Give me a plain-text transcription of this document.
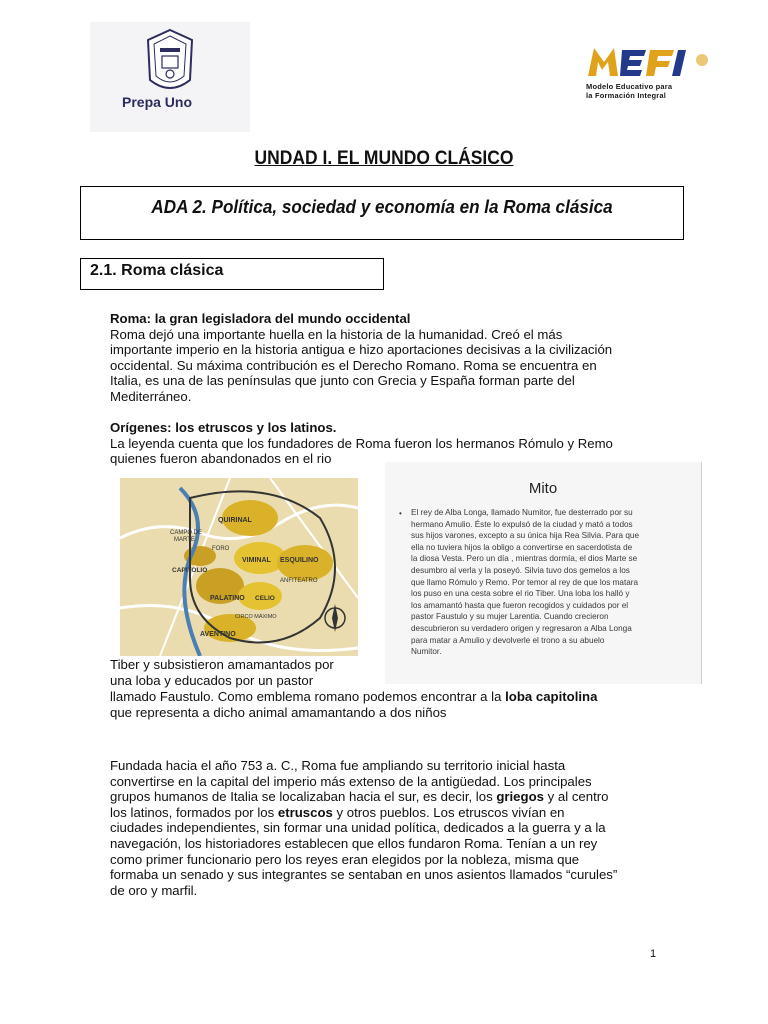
Prepa Uno
Modelo Educativo para
la Formación Integral
UNDAD I. EL MUNDO CLÁSICO
ADA 2. Política, sociedad y economía en la Roma clásica
2.1. Roma clásica
Roma: la gran legisladora del mundo occidental
Roma dejó una importante huella en la historia de la humanidad. Creó el más
importante imperio en la historia antigua e hizo aportaciones decisivas a la civilización
occidental. Su máxima contribución es el Derecho Romano. Roma se encuentra en
Italia, es una de las penínsulas que junto con Grecia y España forman parte del
Mediterráneo.
Orígenes: los etruscos y los latinos.
La leyenda cuenta que los fundadores de Roma fueron los hermanos Rómulo y Remo
quienes fueron abandonados en el rio
QUIRINAL
VIMINAL ESQUILINO
CAPITOLIO
PALATINO CELIO
AVENTINO
CAMPO DE
MARTE
ANFITEATRO
CIRCO MÁXIMO
FORO
Mito
• El rey de Alba Longa, llamado Numitor, fue desterrado por su
hermano Amulio. Éste lo expulsó de la ciudad y mató a todos
sus hijos varones, excepto a su única hija Rea Silvia. Para que
ella no tuviera hijos la obligo a convertirse en sacerdotista de
la diosa Vesta. Pero un día , mientras dormía, el dios Marte se
desumbro al verla y la poseyó. Silvia tuvo dos gemelos a los
que llamo Rómulo y Remo. Por temor al rey de que los matara
los puso en una cesta sobre el rio Tiber. Una loba los halló y
los amamantó hasta que fueron recogidos y cuidados por el
pastor Faustulo y su mujer Larentia. Cuando crecieron
descubrieron su verdadero origen y regresaron a Alba Longa
para matar a Amulio y devolverle el trono a su abuelo
Numitor.
Tiber y subsistieron amamantados por
una loba y educados por un pastor
llamado Faustulo. Como emblema romano podemos encontrar a la loba capitolina
que representa a dicho animal amamantando a dos niños
Fundada hacia el año 753 a. C., Roma fue ampliando su territorio inicial hasta
convertirse en la capital del imperio más extenso de la antigüedad. Los principales
grupos humanos de Italia se localizaban hacia el sur, es decir, los griegos y al centro
los latinos, formados por los etruscos y otros pueblos. Los etruscos vivían en
ciudades independientes, sin formar una unidad política, dedicados a la guerra y a la
navegación, los historiadores establecen que ellos fundaron Roma. Tenían a un rey
como primer funcionario pero los reyes eran elegidos por la nobleza, misma que
formaba un senado y sus integrantes se sentaban en unos asientos llamados “curules”
de oro y marfil.
1
